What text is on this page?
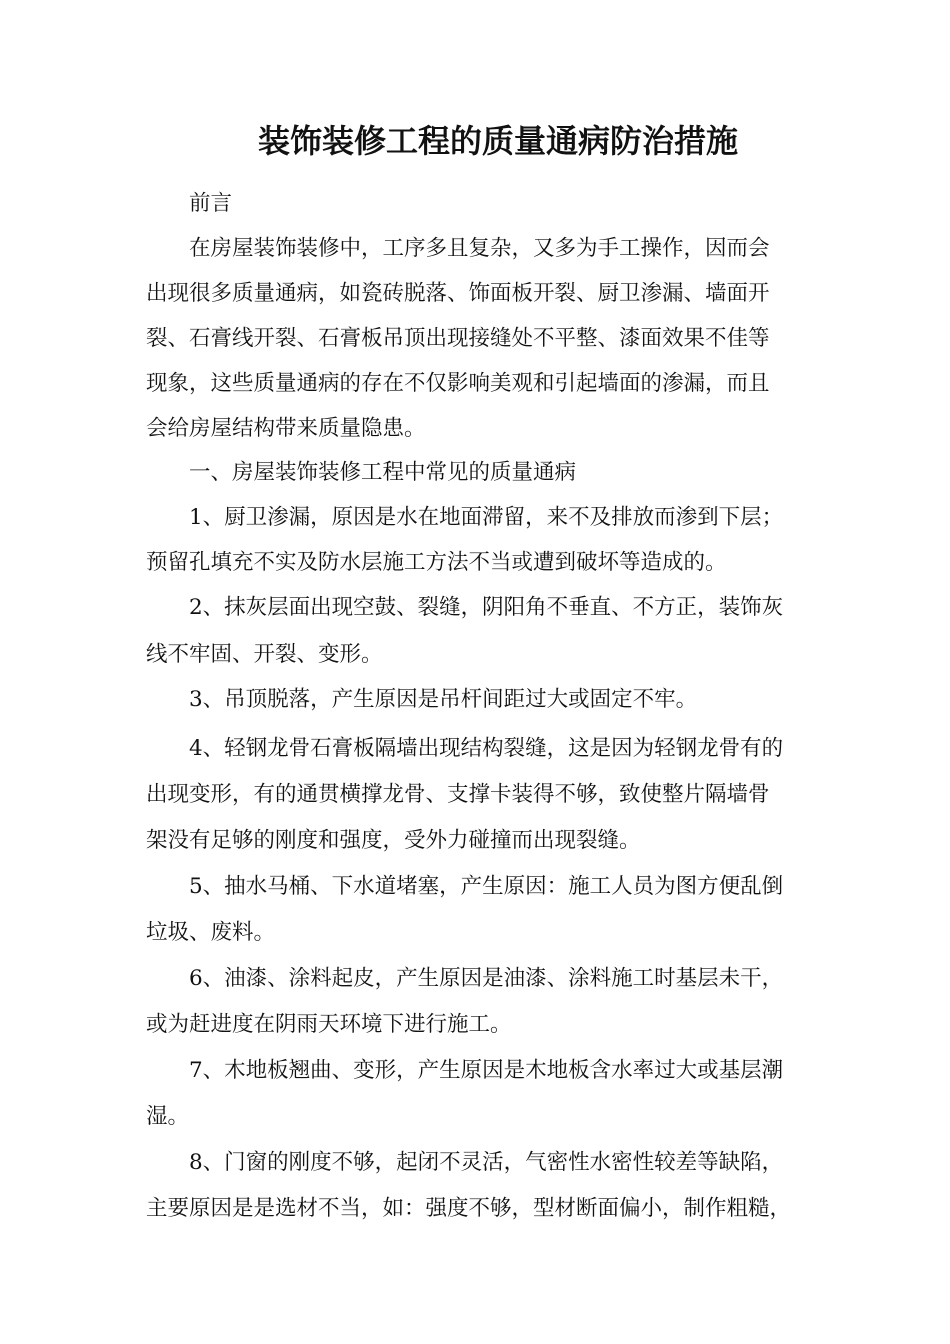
装饰装修工程的质量通病防治措施
前言
在房屋装饰装修中，工序多且复杂，又多为手工操作，因而会
出现很多质量通病，如瓷砖脱落、饰面板开裂、厨卫渗漏、墙面开
裂、石膏线开裂、石膏板吊顶出现接缝处不平整、漆面效果不佳等
现象，这些质量通病的存在不仅影响美观和引起墙面的渗漏，而且
会给房屋结构带来质量隐患。
一、房屋装饰装修工程中常见的质量通病
1、厨卫渗漏，原因是水在地面滞留，来不及排放而渗到下层；
预留孔填充不实及防水层施工方法不当或遭到破坏等造成的。
2、抹灰层面出现空鼓、裂缝，阴阳角不垂直、不方正，装饰灰
线不牢固、开裂、变形。
3、吊顶脱落，产生原因是吊杆间距过大或固定不牢。
4、轻钢龙骨石膏板隔墙出现结构裂缝，这是因为轻钢龙骨有的
出现变形，有的通贯横撑龙骨、支撑卡装得不够，致使整片隔墙骨
架没有足够的刚度和强度，受外力碰撞而出现裂缝。
5、抽水马桶、下水道堵塞，产生原因：施工人员为图方便乱倒
垃圾、废料。
6、油漆、涂料起皮，产生原因是油漆、涂料施工时基层未干，
或为赶进度在阴雨天环境下进行施工。
7、木地板翘曲、变形，产生原因是木地板含水率过大或基层潮
湿。
8、门窗的刚度不够，起闭不灵活，气密性水密性较差等缺陷，
主要原因是是选材不当，如：强度不够，型材断面偏小，制作粗糙，
